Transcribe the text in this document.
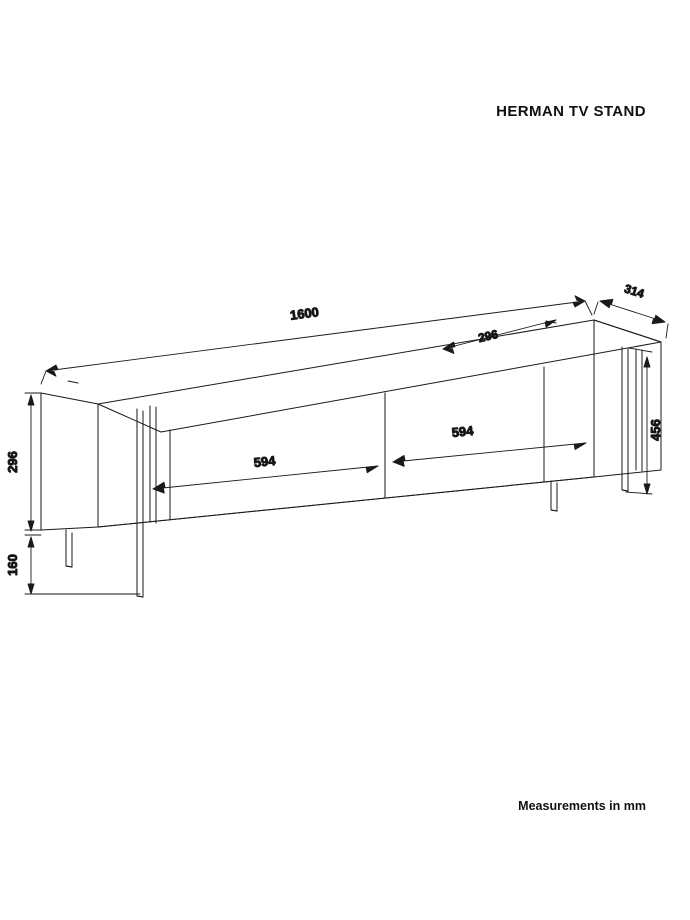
HERMAN TV STAND
Measurements in mm
1600
314
296
456
296
160
594
594
